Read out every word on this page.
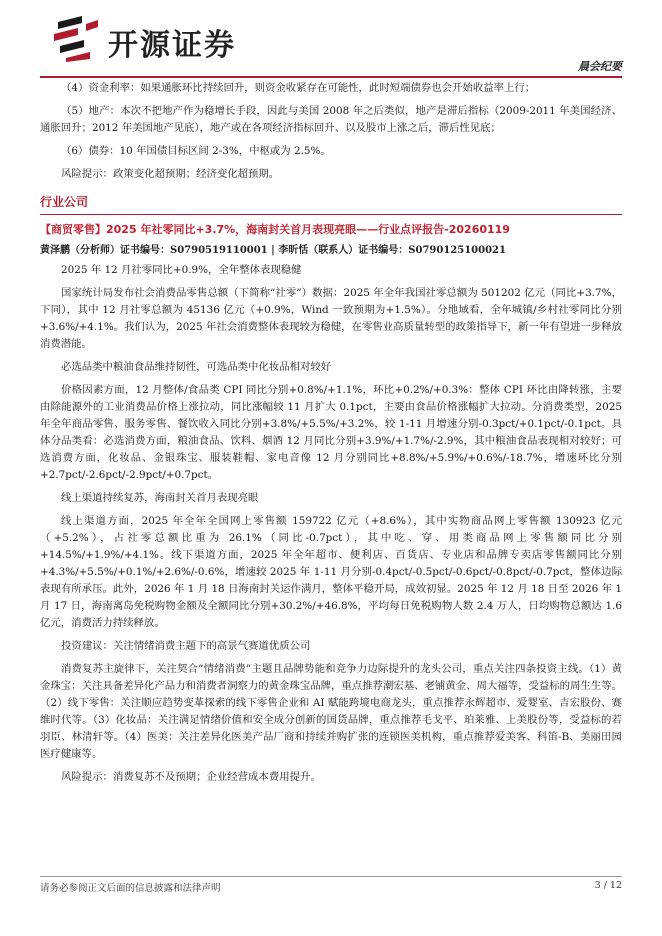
开源证券
晨会纪要

（4）资金利率：如果通胀环比持续回升，则资金收紧存在可能性，此时短端债券也会开始收益率上行；

（5）地产：本次不把地产作为稳增长手段，因此与美国 2008 年之后类似，地产是滞后指标（2009-2011 年美国经济、通胀回升；2012 年美国地产见底），地产或在各项经济指标回升、以及股市上涨之后，滞后性见底；

（6）债券：10 年国债目标区间 2-3%，中枢或为 2.5%。

风险提示：政策变化超预期；经济变化超预期。

行业公司
【商贸零售】2025 年社零同比+3.7%，海南封关首月表现亮眼——行业点评报告-20260119
黄泽鹏（分析师）证书编号：S0790519110001 | 李昕恬（联系人）证书编号：S0790125100021

2025 年 12 月社零同比+0.9%，全年整体表现稳健

国家统计局发布社会消费品零售总额（下简称“社零”）数据：2025 年全年我国社零总额为 501202 亿元（同比+3.7%，下同），其中 12 月社零总额为 45136 亿元（+0.9%，Wind 一致预期为+1.5%）。分地域看，全年城镇/乡村社零同比分别+3.6%/+4.1%。我们认为，2025 年社会消费整体表现较为稳健，在零售业高质量转型的政策指导下，新一年有望进一步释放消费潜能。

必选品类中粮油食品维持韧性，可选品类中化妆品相对较好

价格因素方面，12 月整体/食品类 CPI 同比分别+0.8%/+1.1%，环比+0.2%/+0.3%：整体 CPI 环比由降转涨，主要由除能源外的工业消费品价格上涨拉动，同比涨幅较 11 月扩大 0.1pct，主要由食品价格涨幅扩大拉动。分消费类型，2025 年全年商品零售、服务零售、餐饮收入同比分别+3.8%/+5.5%/+3.2%，较 1-11 月增速分别-0.3pct/+0.1pct/-0.1pct。具体分品类看：必选消费方面，粮油食品、饮料、烟酒 12 月同比分别+3.9%/+1.7%/-2.9%，其中粮油食品表现相对较好；可选消费方面，化妆品、金银珠宝、服装鞋帽、家电音像 12 月分别同比+8.8%/+5.9%/+0.6%/-18.7%，增速环比分别+2.7pct/-2.6pct/-2.9pct/+0.7pct。

线上渠道持续复苏，海南封关首月表现亮眼

线上渠道方面，2025 年全年全国网上零售额 159722 亿元（+8.6%），其中实物商品网上零售额 130923 亿元（+5.2%），占社零总额比重为 26.1%（同比-0.7pct），其中吃、穿、用类商品网上零售额同比分别+14.5%/+1.9%/+4.1%。线下渠道方面，2025 年全年超市、便利店、百货店、专业店和品牌专卖店零售额同比分别+4.3%/+5.5%/+0.1%/+2.6%/-0.6%，增速较 2025 年 1-11 月分别-0.4pct/-0.5pct/-0.6pct/-0.8pct/-0.7pct，整体边际表现有所承压。此外，2026 年 1 月 18 日海南封关运作满月，整体平稳开局，成效初显。2025 年 12 月 18 日至 2026 年 1 月 17 日，海南离岛免税购物金额及全额同比分别+30.2%/+46.8%，平均每日免税购物人数 2.4 万人，日均购物总额达 1.6 亿元，消费活力持续释放。

投资建议：关注情绪消费主题下的高景气赛道优质公司

消费复苏主旋律下，关注契合“情绪消费”主题且品牌势能和竞争力边际提升的龙头公司，重点关注四条投资主线。（1）黄金珠宝：关注具备差异化产品力和消费者洞察力的黄金珠宝品牌，重点推荐潮宏基、老铺黄金、周大福等，受益标的周生生等。（2）线下零售：关注顺应趋势变革探索的线下零售企业和 AI 赋能跨境电商龙头，重点推荐永辉超市、爱婴室、吉宏股份、赛维时代等。（3）化妆品：关注满足情绪价值和安全成分创新的国货品牌，重点推荐毛戈平、珀莱雅、上美股份等，受益标的若羽臣、林清轩等。（4）医美：关注差异化医美产品厂商和持续并购扩张的连锁医美机构，重点推荐爱美客、科笛-B、美丽田园医疗健康等。

风险提示：消费复苏不及预期；企业经营成本费用提升。

请务必参阅正文后面的信息披露和法律声明	3 / 12
